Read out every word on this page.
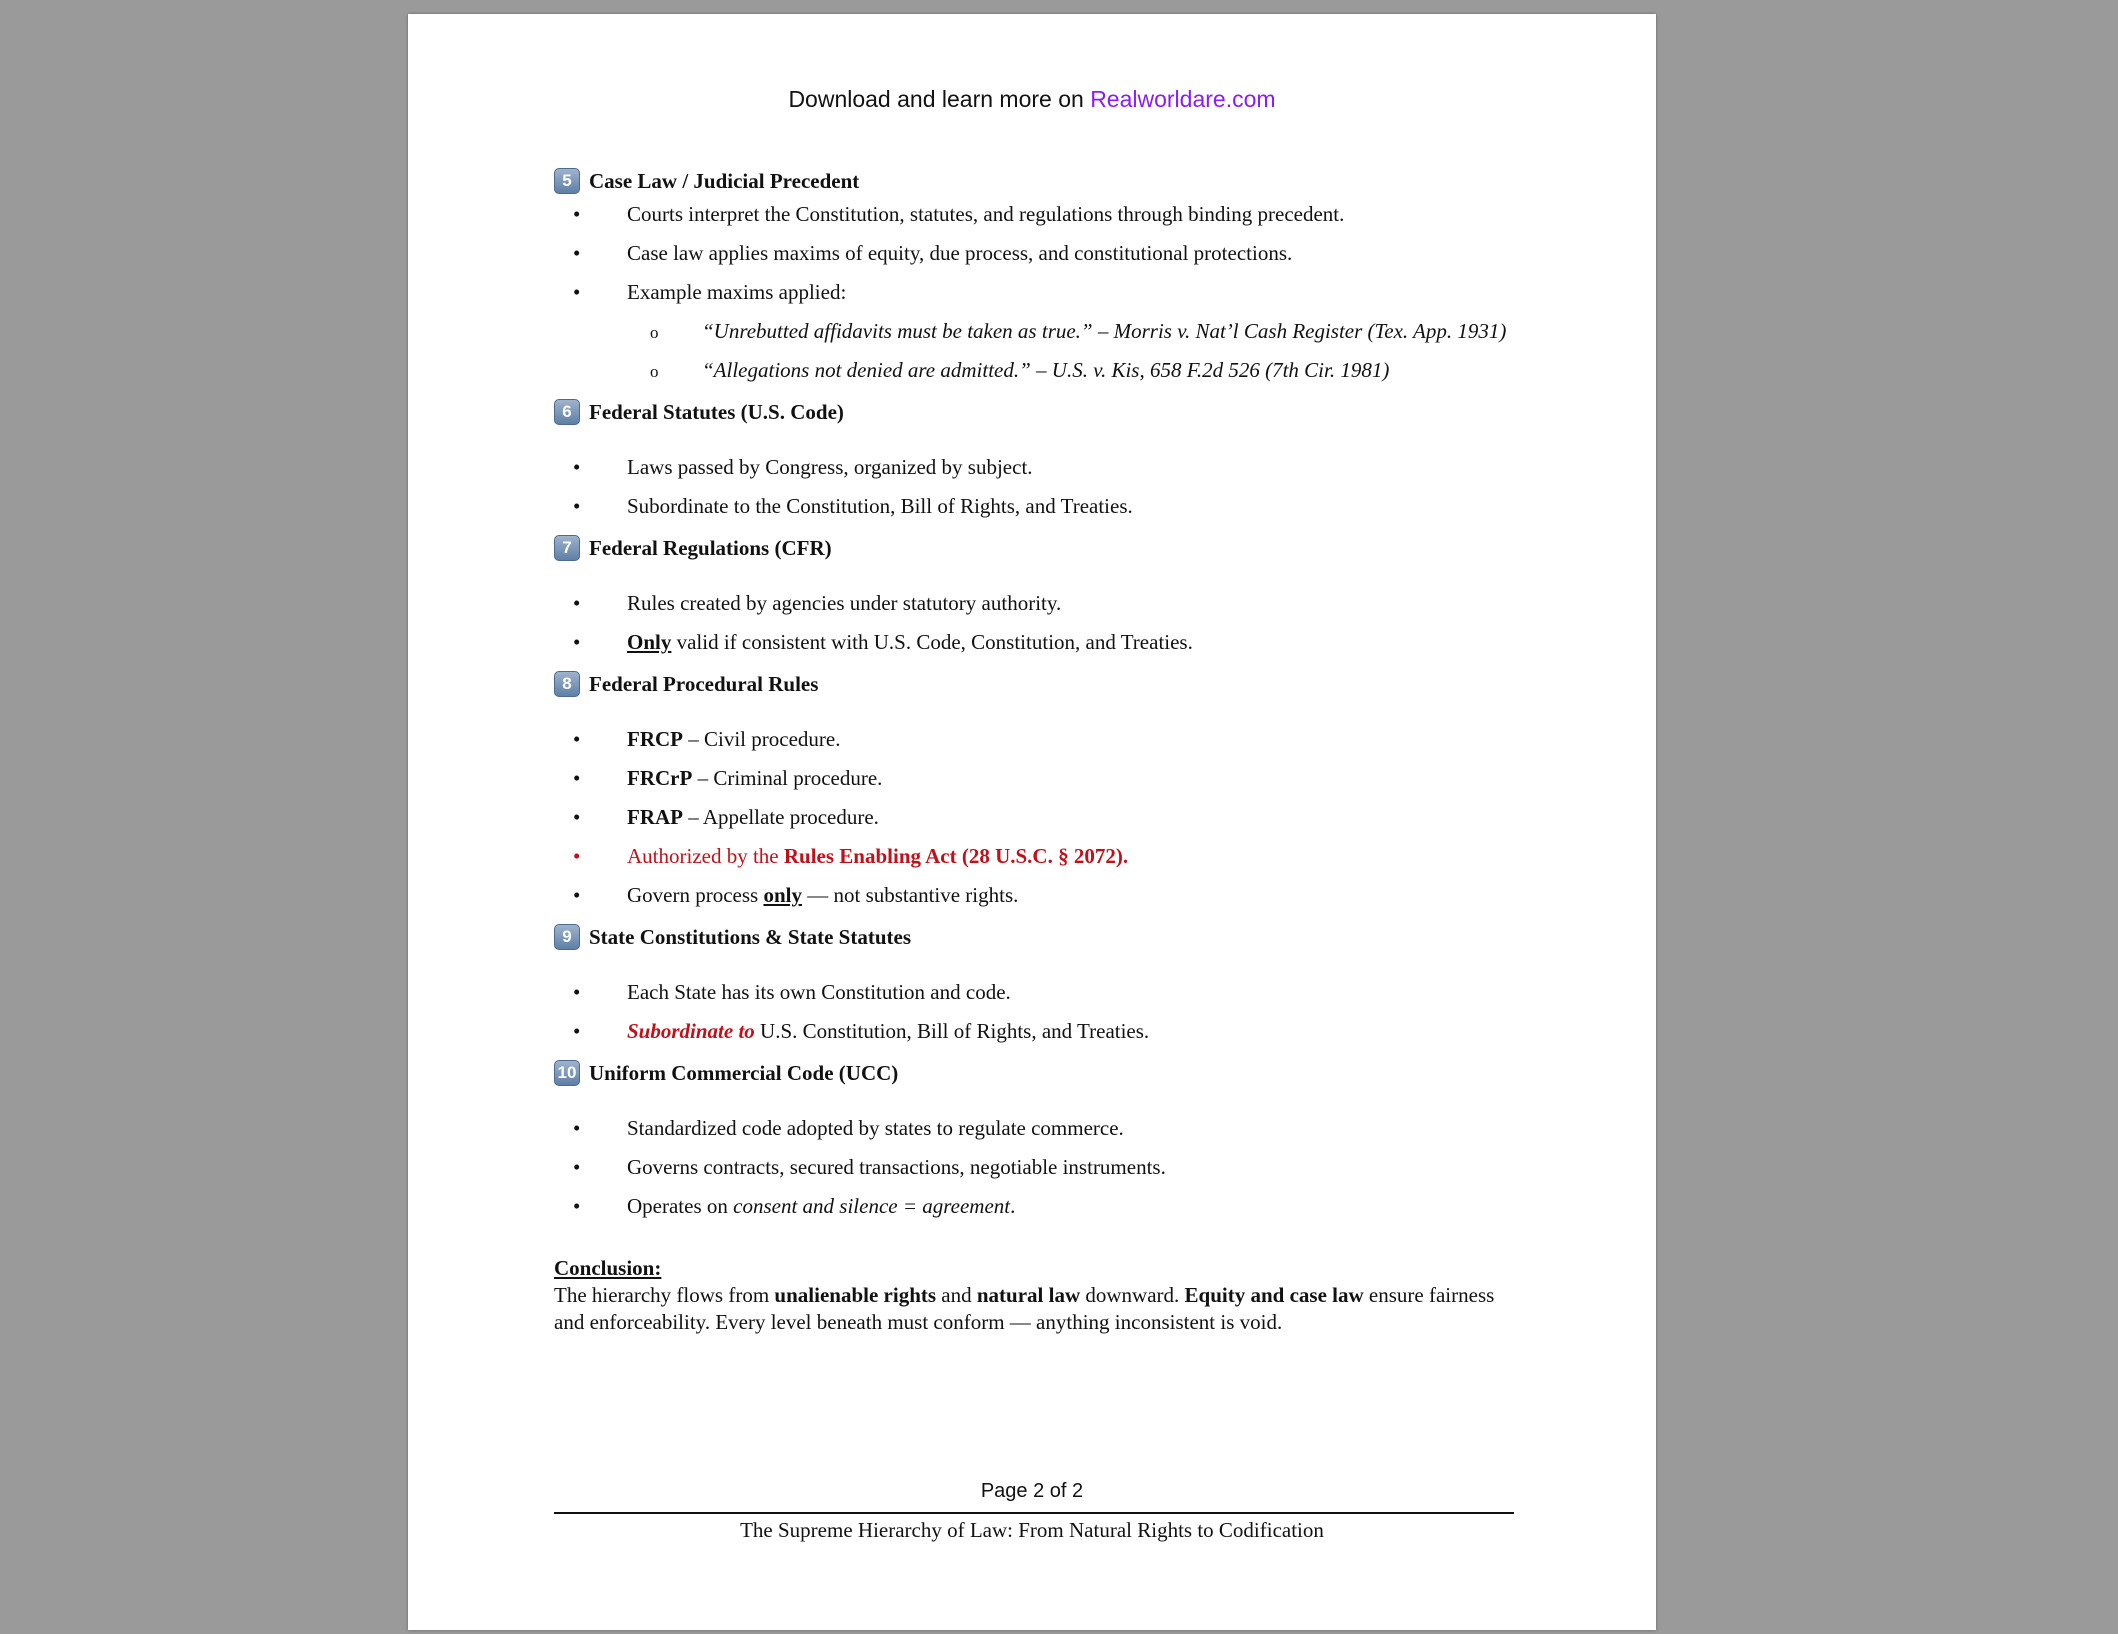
Download and learn more on Realworldare.com
5 Case Law / Judicial Precedent
• Courts interpret the Constitution, statutes, and regulations through binding precedent.
• Case law applies maxims of equity, due process, and constitutional protections.
• Example maxims applied:
o “Unrebutted affidavits must be taken as true.” – Morris v. Nat’l Cash Register (Tex. App. 1931)
o “Allegations not denied are admitted.” – U.S. v. Kis, 658 F.2d 526 (7th Cir. 1981)
6 Federal Statutes (U.S. Code)
• Laws passed by Congress, organized by subject.
• Subordinate to the Constitution, Bill of Rights, and Treaties.
7 Federal Regulations (CFR)
• Rules created by agencies under statutory authority.
• Only valid if consistent with U.S. Code, Constitution, and Treaties.
8 Federal Procedural Rules
• FRCP – Civil procedure.
• FRCrP – Criminal procedure.
• FRAP – Appellate procedure.
• Authorized by the Rules Enabling Act (28 U.S.C. § 2072).
• Govern process only — not substantive rights.
9 State Constitutions & State Statutes
• Each State has its own Constitution and code.
• Subordinate to U.S. Constitution, Bill of Rights, and Treaties.
10 Uniform Commercial Code (UCC)
• Standardized code adopted by states to regulate commerce.
• Governs contracts, secured transactions, negotiable instruments.
• Operates on consent and silence = agreement.
Conclusion:
The hierarchy flows from unalienable rights and natural law downward. Equity and case law ensure fairness and enforceability. Every level beneath must conform — anything inconsistent is void.
Page 2 of 2
The Supreme Hierarchy of Law: From Natural Rights to Codification
